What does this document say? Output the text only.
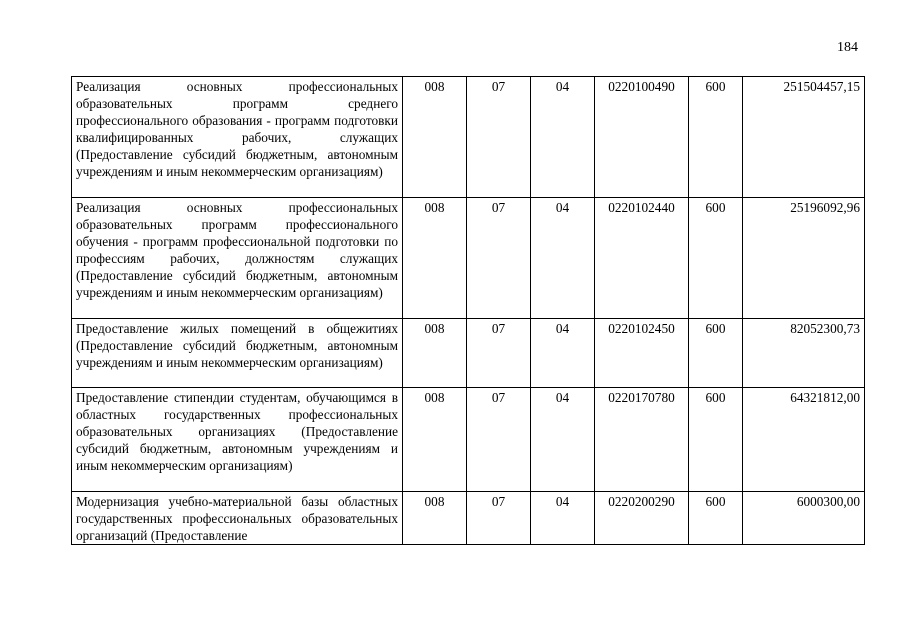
184
Реализация основных профессиональных образовательных программ среднего профессионального образования - программ подготовки квалифицированных рабочих, служащих (Предоставление субсидий бюджетным, автономным учреждениям и иным некоммерческим организациям)	008	07	04	0220100490	600	251504457,15
Реализация основных профессиональных образовательных программ профессионального обучения - программ профессиональной подготовки по профессиям рабочих, должностям служащих (Предоставление субсидий бюджетным, автономным учреждениям и иным некоммерческим организациям)	008	07	04	0220102440	600	25196092,96
Предоставление жилых помещений в общежитиях (Предоставление субсидий бюджетным, автономным учреждениям и иным некоммерческим организациям)	008	07	04	0220102450	600	82052300,73
Предоставление стипендии студентам, обучающимся в областных государственных профессиональных образовательных организациях (Предоставление субсидий бюджетным, автономным учреждениям и иным некоммерческим организациям)	008	07	04	0220170780	600	64321812,00
Модернизация учебно-материальной базы областных государственных профессиональных образовательных организаций (Предоставление	008	07	04	0220200290	600	6000300,00
